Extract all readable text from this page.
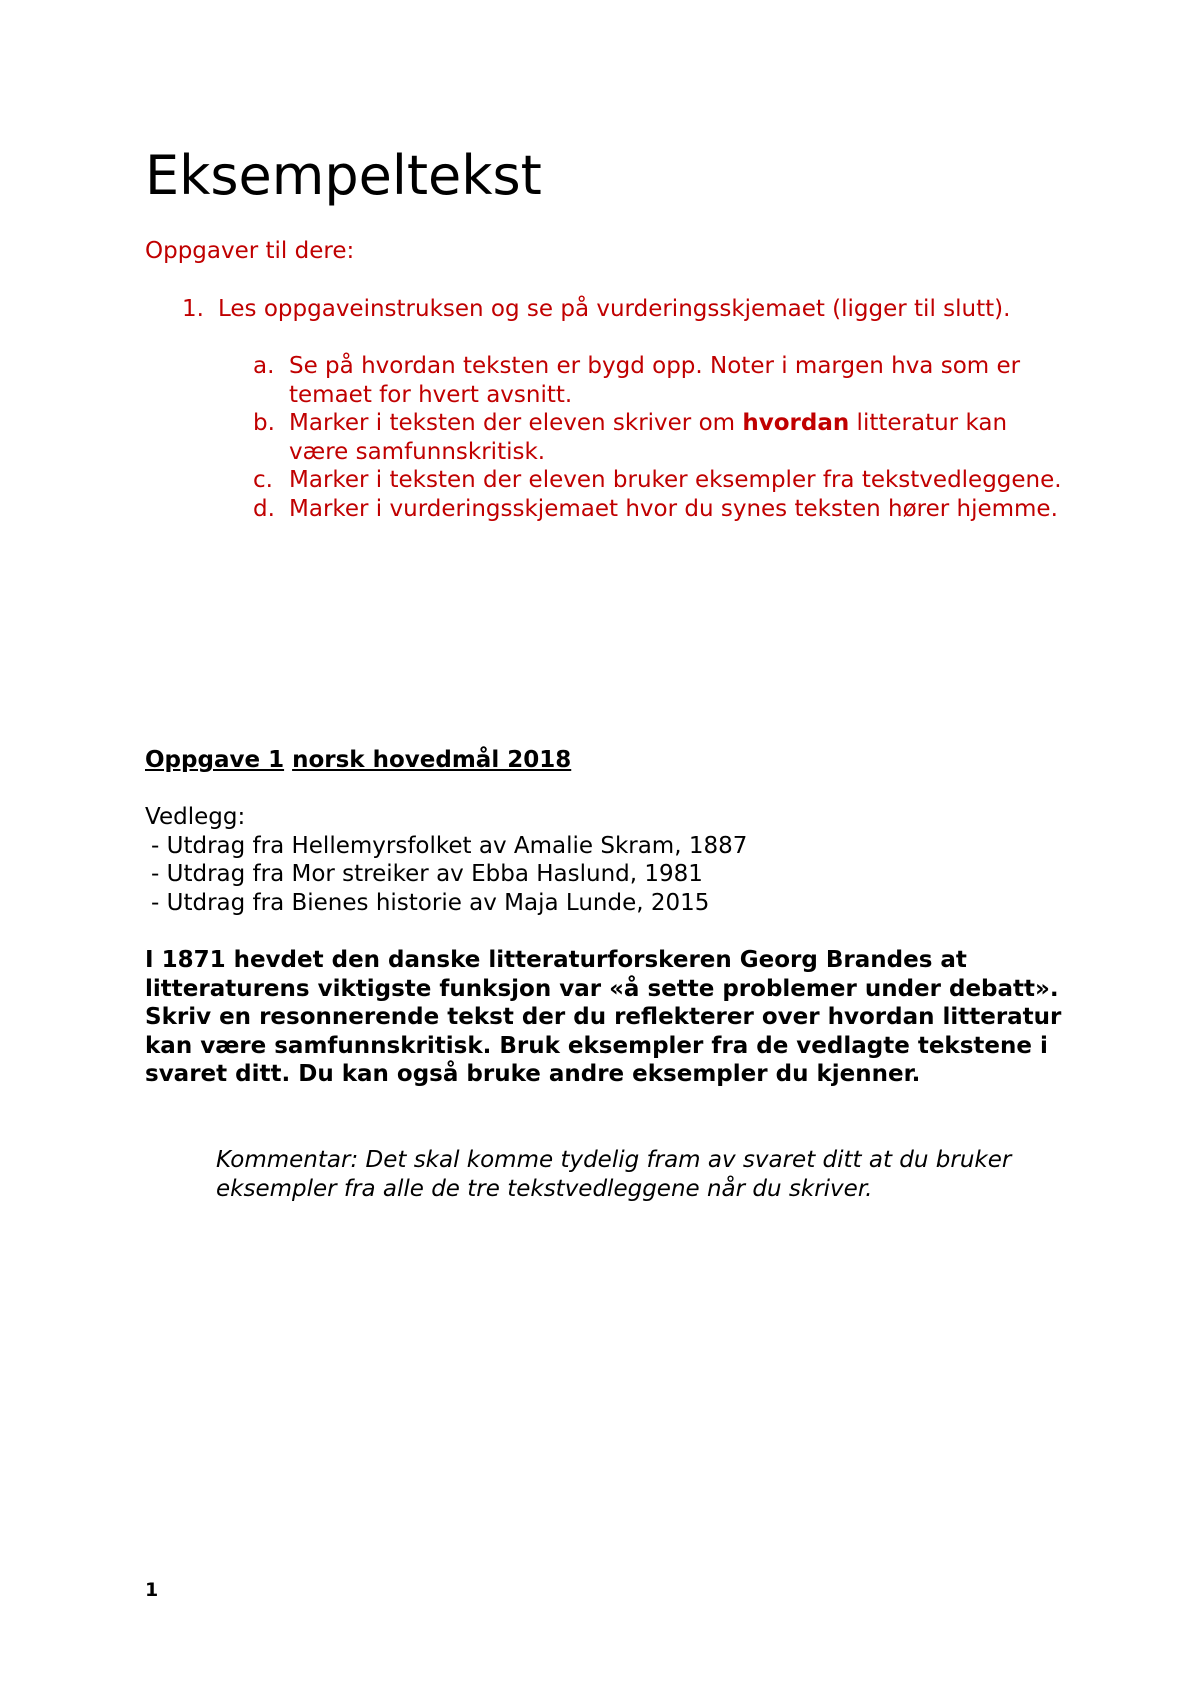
Eksempeltekst

Oppgaver til dere:

1. Les oppgaveinstruksen og se på vurderingsskjemaet (ligger til slutt).

a. Se på hvordan teksten er bygd opp. Noter i margen hva som er temaet for hvert avsnitt.
b. Marker i teksten der eleven skriver om hvordan litteratur kan være samfunnskritisk.
c. Marker i teksten der eleven bruker eksempler fra tekstvedleggene.
d. Marker i vurderingsskjemaet hvor du synes teksten hører hjemme.

Oppgave 1 norsk hovedmål 2018

Vedlegg:
- Utdrag fra Hellemyrsfolket av Amalie Skram, 1887
- Utdrag fra Mor streiker av Ebba Haslund, 1981
- Utdrag fra Bienes historie av Maja Lunde, 2015

I 1871 hevdet den danske litteraturforskeren Georg Brandes at litteraturens viktigste funksjon var «å sette problemer under debatt». Skriv en resonnerende tekst der du reflekterer over hvordan litteratur kan være samfunnskritisk. Bruk eksempler fra de vedlagte tekstene i svaret ditt. Du kan også bruke andre eksempler du kjenner.

Kommentar: Det skal komme tydelig fram av svaret ditt at du bruker eksempler fra alle de tre tekstvedleggene når du skriver.

1
